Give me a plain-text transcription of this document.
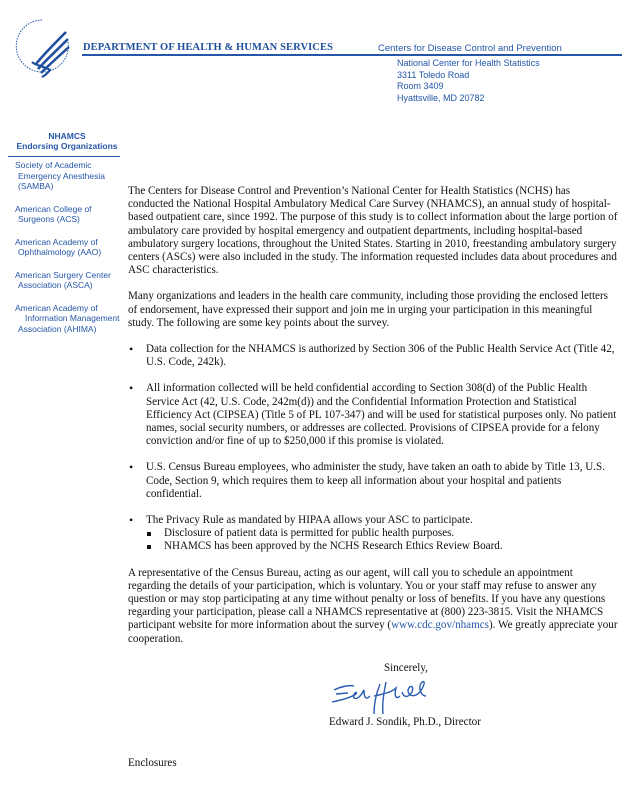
DEPARTMENT OF HEALTH & HUMAN SERVICES	Centers for Disease Control and Prevention
National Center for Health Statistics
3311 Toledo Road
Room 3409
Hyattsville, MD 20782
NHAMCS
Endorsing Organizations
Society of Academic
Emergency Anesthesia
(SAMBA)
American College of
Surgeons (ACS)
American Academy of
Ophthalmology (AAO)
American Surgery Center
Association (ASCA)
American Academy of
Information Management
Association (AHIMA)

The Centers for Disease Control and Prevention’s National Center for Health Statistics (NCHS) has conducted the National Hospital Ambulatory Medical Care Survey (NHAMCS), an annual study of hospital-based outpatient care, since 1992. The purpose of this study is to collect information about the large portion of ambulatory care provided by hospital emergency and outpatient departments, including hospital-based ambulatory surgery locations, throughout the United States. Starting in 2010, freestanding ambulatory surgery centers (ASCs) were also included in the study. The information requested includes data about procedures and ASC characteristics.

Many organizations and leaders in the health care community, including those providing the enclosed letters of endorsement, have expressed their support and join me in urging your participation in this meaningful study. The following are some key points about the survey.

• Data collection for the NHAMCS is authorized by Section 306 of the Public Health Service Act (Title 42, U.S. Code, 242k).
• All information collected will be held confidential according to Section 308(d) of the Public Health Service Act (42, U.S. Code, 242m(d)) and the Confidential Information Protection and Statistical Efficiency Act (CIPSEA) (Title 5 of PL 107-347) and will be used for statistical purposes only. No patient names, social security numbers, or addresses are collected. Provisions of CIPSEA provide for a felony conviction and/or fine of up to $250,000 if this promise is violated.
• U.S. Census Bureau employees, who administer the study, have taken an oath to abide by Title 13, U.S. Code, Section 9, which requires them to keep all information about your hospital and patients confidential.
• The Privacy Rule as mandated by HIPAA allows your ASC to participate.
Disclosure of patient data is permitted for public health purposes.
NHAMCS has been approved by the NCHS Research Ethics Review Board.

A representative of the Census Bureau, acting as our agent, will call you to schedule an appointment regarding the details of your participation, which is voluntary. You or your staff may refuse to answer any question or may stop participating at any time without penalty or loss of benefits. If you have any questions regarding your participation, please call a NHAMCS representative at (800) 223-3815. Visit the NHAMCS participant website for more information about the survey (www.cdc.gov/nhamcs). We greatly appreciate your cooperation.

Sincerely,
Edward J. Sondik, Ph.D., Director
Enclosures
